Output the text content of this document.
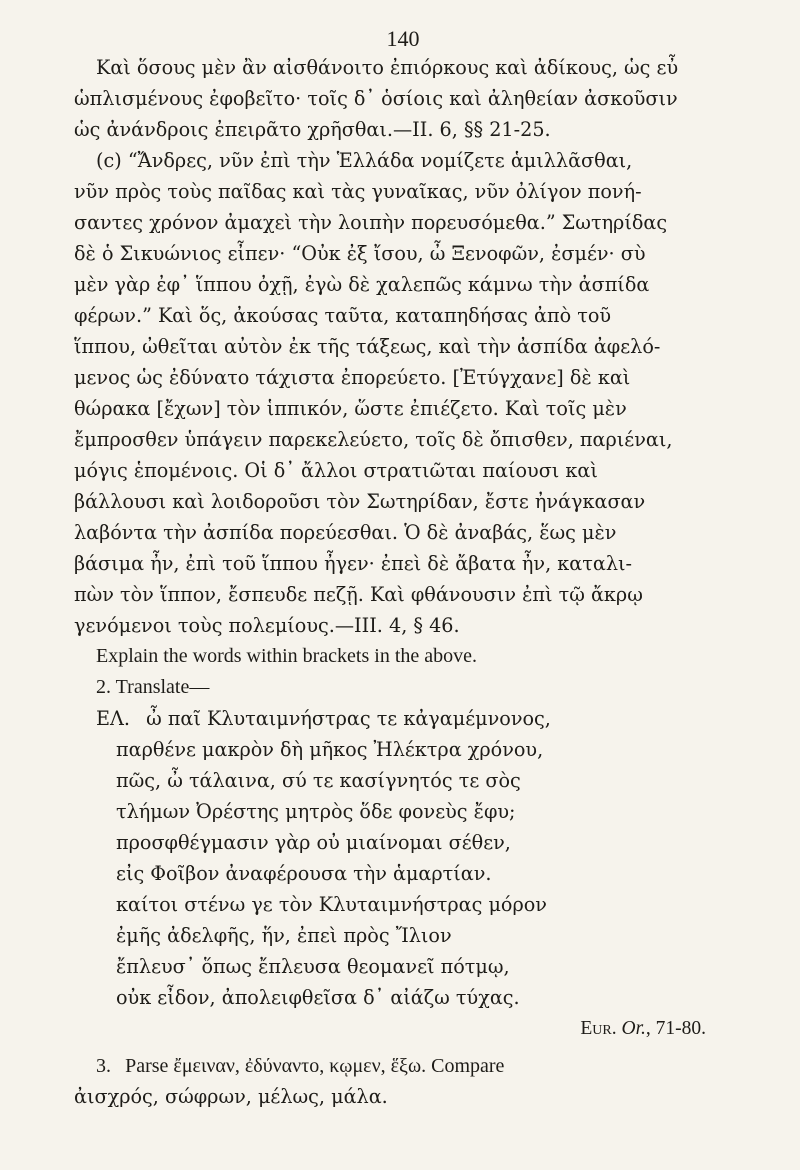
140
Καὶ ὅσους μὲν ἂν αἰσθάνοιτο ἐπιόρκους καὶ ἀδίκους, ὡς εὖ
ὡπλισμένους ἐφοβεῖτο· τοῖς δ᾽ ὁσίοις καὶ ἀληθείαν ἀσκοῦσιν
ὡς ἀνάνδροις ἐπειρᾶτο χρῆσθαι.—II. 6, §§ 21-25.
(c) “Ἄνδρες, νῦν ἐπὶ τὴν Ἑλλάδα νομίζετε ἁμιλλᾶσθαι,
νῦν πρὸς τοὺς παῖδας καὶ τὰς γυναῖκας, νῦν ὀλίγον πονή-
σαντες χρόνον ἀμαχεὶ τὴν λοιπὴν πορευσόμεθα.” Σωτηρίδας
δὲ ὁ Σικυώνιος εἶπεν· “Οὐκ ἐξ ἴσου, ὦ Ξενοφῶν, ἐσμέν· σὺ
μὲν γὰρ ἐφ᾽ ἵππου ὀχῇ, ἐγὼ δὲ χαλεπῶς κάμνω τὴν ἀσπίδα
φέρων.” Καὶ ὅς, ἀκούσας ταῦτα, καταπηδήσας ἀπὸ τοῦ
ἵππου, ὠθεῖται αὐτὸν ἐκ τῆς τάξεως, καὶ τὴν ἀσπίδα ἀφελό-
μενος ὡς ἐδύνατο τάχιστα ἐπορεύετο. [Ἐτύγχανε] δὲ καὶ
θώρακα [ἔχων] τὸν ἱππικόν, ὥστε ἐπιέζετο. Καὶ τοῖς μὲν
ἔμπροσθεν ὑπάγειν παρεκελεύετο, τοῖς δὲ ὄπισθεν, παριέναι,
μόγις ἑπομένοις. Οἱ δ᾽ ἄλλοι στρατιῶται παίουσι καὶ
βάλλουσι καὶ λοιδοροῦσι τὸν Σωτηρίδαν, ἔστε ἠνάγκασαν
λαβόντα τὴν ἀσπίδα πορεύεσθαι. Ὁ δὲ ἀναβάς, ἕως μὲν
βάσιμα ἦν, ἐπὶ τοῦ ἵππου ἦγεν· ἐπεὶ δὲ ἄβατα ἦν, καταλι-
πὼν τὸν ἵππον, ἔσπευδε πεζῇ. Καὶ φθάνουσιν ἐπὶ τῷ ἄκρῳ
γενόμενοι τοὺς πολεμίους.—III. 4, § 46.
Explain the words within brackets in the above.
2. Translate—
ΕΛ. ὦ παῖ Κλυταιμνήστρας τε κἀγαμέμνονος,
παρθένε μακρὸν δὴ μῆκος Ἠλέκτρα χρόνου,
πῶς, ὦ τάλαινα, σύ τε κασίγνητός τε σὸς
τλήμων Ὀρέστης μητρὸς ὅδε φονεὺς ἔφυ;
προσφθέγμασιν γὰρ οὐ μιαίνομαι σέθεν,
εἰς Φοῖβον ἀναφέρουσα τὴν ἁμαρτίαν.
καίτοι στένω γε τὸν Κλυταιμνήστρας μόρον
ἐμῆς ἀδελφῆς, ἥν, ἐπεὶ πρὸς Ἴλιον
ἔπλευσ᾽ ὅπως ἔπλευσα θεομανεῖ πότμῳ,
οὐκ εἶδον, ἀπολειφθεῖσα δ᾽ αἰάζω τύχας.
Eur. Or., 71-80.
3. Parse ἔμειναν, ἐδύναντο, κῳμεν, ἕξω. Compare
ἀισχρός, σώφρων, μέλως, μάλα.
